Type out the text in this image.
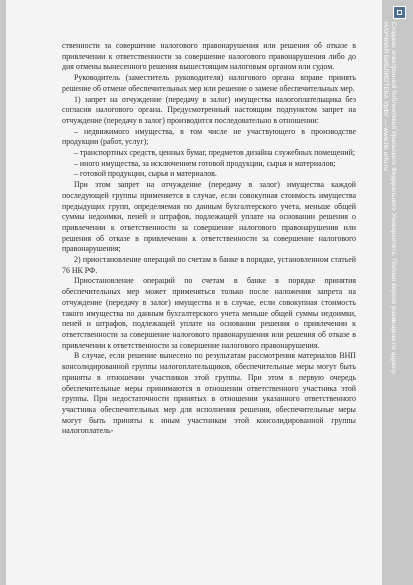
ственности за совершение налогового правонарушения или решения об отказе в привлечении к ответственности за совершение налогового правонарушения либо до дня отмены вынесенного решения вышестоящим налоговым органом или судом.

Руководитель (заместитель руководителя) налогового органа вправе принять решение об отмене обеспечительных мер или решение о замене обеспечительных мер.

1) запрет на отчуждение (передачу в залог) имущества налогоплательщика без согласия налогового органа. Предусмотренный настоящим подпунктом запрет на отчуждение (передачу в залог) производится последовательно в отношении:

– недвижимого имущества, в том числе не участвующего в производстве продукции (работ, услуг);

– транспортных средств, ценных бумаг, предметов дизайна служебных помещений;

– иного имущества, за исключением готовой продукции, сырья и материалов;

– готовой продукции, сырья и материалов.

При этом запрет на отчуждение (передачу в залог) имущества каждой последующей группы применяется в случае, если совокупная стоимость имущества предыдущих групп, определяемая по данным бухгалтерского учета, меньше общей суммы недоимки, пеней и штрафов, подлежащей уплате на основании решения о привлечении к ответственности за совершение налогового правонарушения или решения об отказе в привлечении к ответственности за совершение налогового правонарушения;

2) приостановление операций по счетам в банке в порядке, установленном статьей 76 НК РФ.

Приостановление операций по счетам в банке в порядке принятия обеспечительных мер может применяться только после наложения запрета на отчуждение (передачу в залог) имущества и в случае, если совокупная стоимость такого имущества по данным бухгалтерского учета меньше общей суммы недоимки, пеней и штрафов, подлежащей уплате на основании решения о привлечении к ответственности за совершение налогового правонарушения или решения об отказе в привлечении к ответственности за совершение налогового правонарушения.

В случае, если решение вынесено по результатам рассмотрения материалов ВНП консолидированной группы налогоплательщиков, обеспечительные меры могут быть приняты в отношении участников этой группы. При этом в первую очередь обеспечительные меры принимаются в отношении ответственного участника этой группы. При недостаточности принятых в отношении указанного ответственного участника обеспечительных мер для исполнения решения, обеспечительные меры могут быть приняты к иным участникам этой консолидированной группы налогоплатель-

Создано электронной библиотекой Уральского Федерального Университета. Полная версия размещена по адресу:
НАУЧНАЯ БИБЛИОТЕКА УрФУ — www.lib.urfu.ru
